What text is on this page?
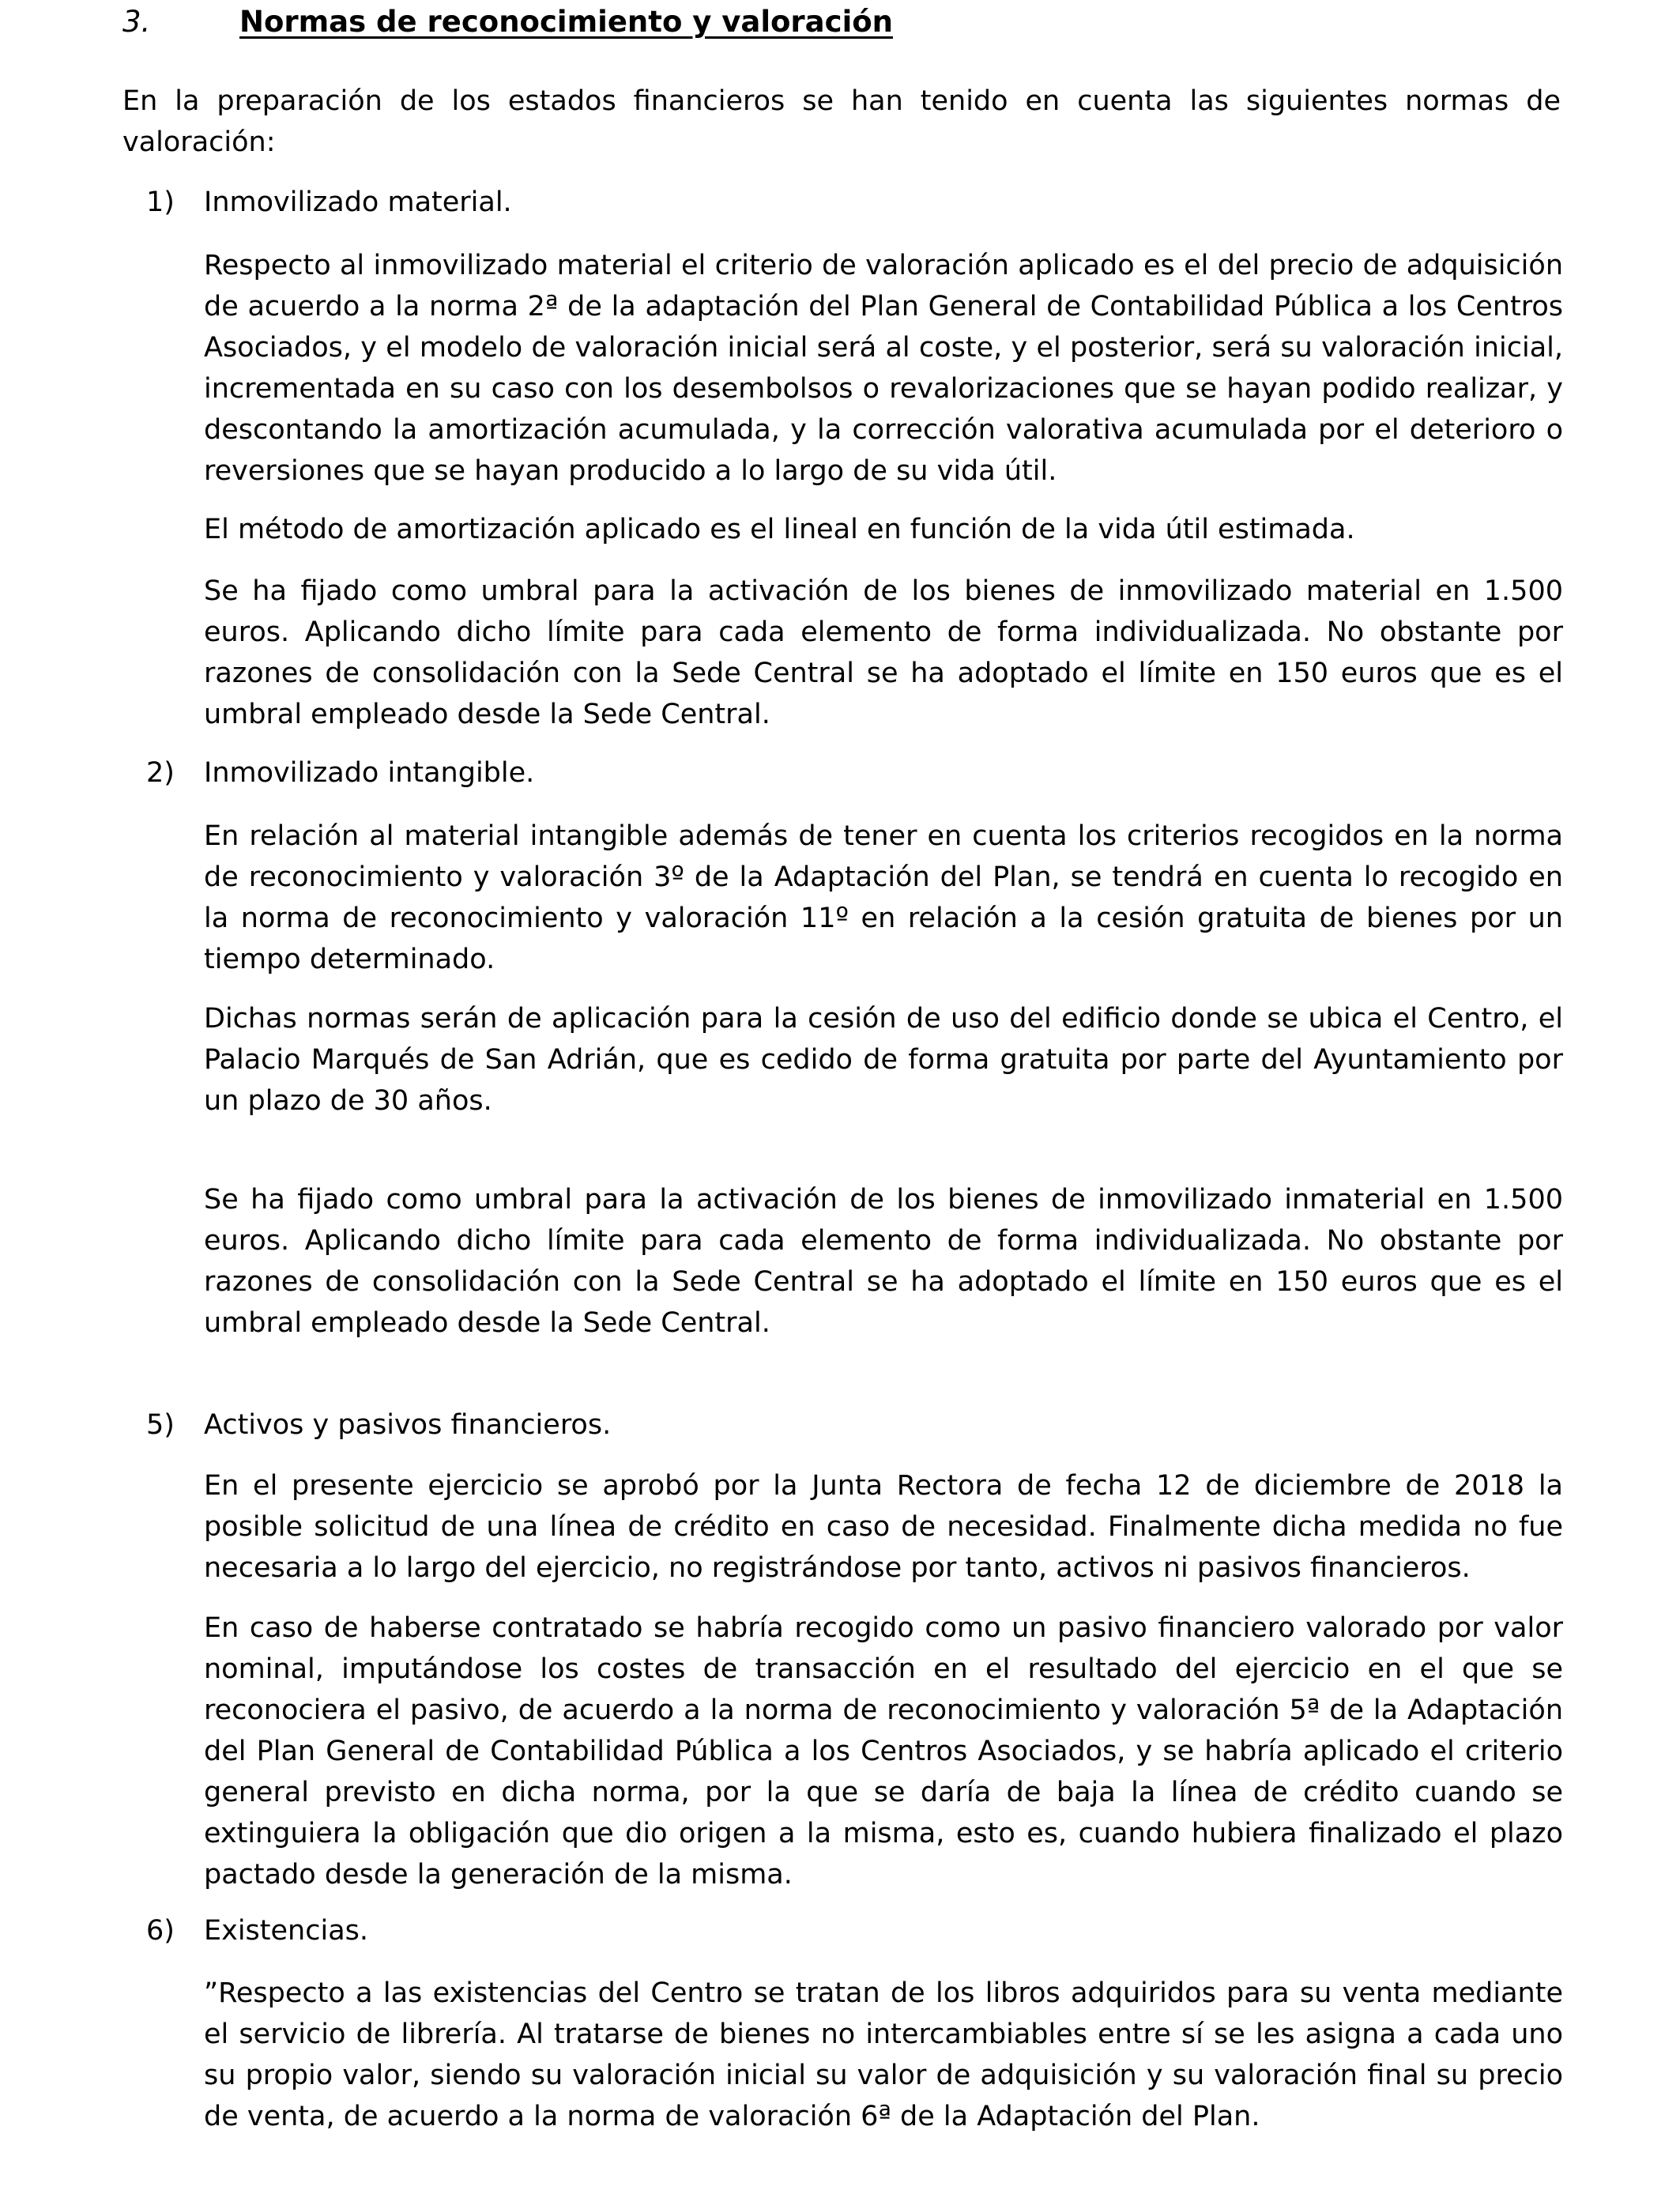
3.	Normas de reconocimiento y valoración

En la preparación de los estados financieros se han tenido en cuenta las siguientes normas de valoración:

1)	Inmovilizado material.

Respecto al inmovilizado material el criterio de valoración aplicado es el del precio de adquisición de acuerdo a la norma 2ª de la adaptación del Plan General de Contabilidad Pública a los Centros Asociados, y el modelo de valoración inicial será al coste, y el posterior, será su valoración inicial, incrementada en su caso con los desembolsos o revalorizaciones que se hayan podido realizar, y descontando la amortización acumulada, y la corrección valorativa acumulada por el deterioro o reversiones que se hayan producido a lo largo de su vida útil.

El método de amortización aplicado es el lineal en función de la vida útil estimada.

Se ha fijado como umbral para la activación de los bienes de inmovilizado material en 1.500 euros. Aplicando dicho límite para cada elemento de forma individualizada. No obstante por razones de consolidación con la Sede Central se ha adoptado el límite en 150 euros que es el umbral empleado desde la Sede Central.

2)	Inmovilizado intangible.

En relación al material intangible además de tener en cuenta los criterios recogidos en la norma de reconocimiento y valoración 3º de la Adaptación del Plan, se tendrá en cuenta lo recogido en la norma de reconocimiento y valoración 11º en relación a la cesión gratuita de bienes por un tiempo determinado.

Dichas normas serán de aplicación para la cesión de uso del edificio donde se ubica el Centro, el Palacio Marqués de San Adrián, que es cedido de forma gratuita por parte del Ayuntamiento por un plazo de 30 años.

Se ha fijado como umbral para la activación de los bienes de inmovilizado inmaterial en 1.500 euros. Aplicando dicho límite para cada elemento de forma individualizada. No obstante por razones de consolidación con la Sede Central se ha adoptado el límite en 150 euros que es el umbral empleado desde la Sede Central.

5)	Activos y pasivos financieros.

En el presente ejercicio se aprobó por la Junta Rectora de fecha 12 de diciembre de 2018 la posible solicitud de una línea de crédito en caso de necesidad. Finalmente dicha medida no fue necesaria a lo largo del ejercicio, no registrándose por tanto, activos ni pasivos financieros.

En caso de haberse contratado se habría recogido como un pasivo financiero valorado por valor nominal, imputándose los costes de transacción en el resultado del ejercicio en el que se reconociera el pasivo, de acuerdo a la norma de reconocimiento y valoración 5ª de la Adaptación del Plan General de Contabilidad Pública a los Centros Asociados, y se habría aplicado el criterio general previsto en dicha norma, por la que se daría de baja la línea de crédito cuando se extinguiera la obligación que dio origen a la misma, esto es, cuando hubiera finalizado el plazo pactado desde la generación de la misma.

6)	Existencias.

”Respecto a las existencias del Centro se tratan de los libros adquiridos para su venta mediante el servicio de librería. Al tratarse de bienes no intercambiables entre sí se les asigna a cada uno su propio valor, siendo su valoración inicial su valor de adquisición y su valoración final su precio de venta, de acuerdo a la norma de valoración 6ª de la Adaptación del Plan.
